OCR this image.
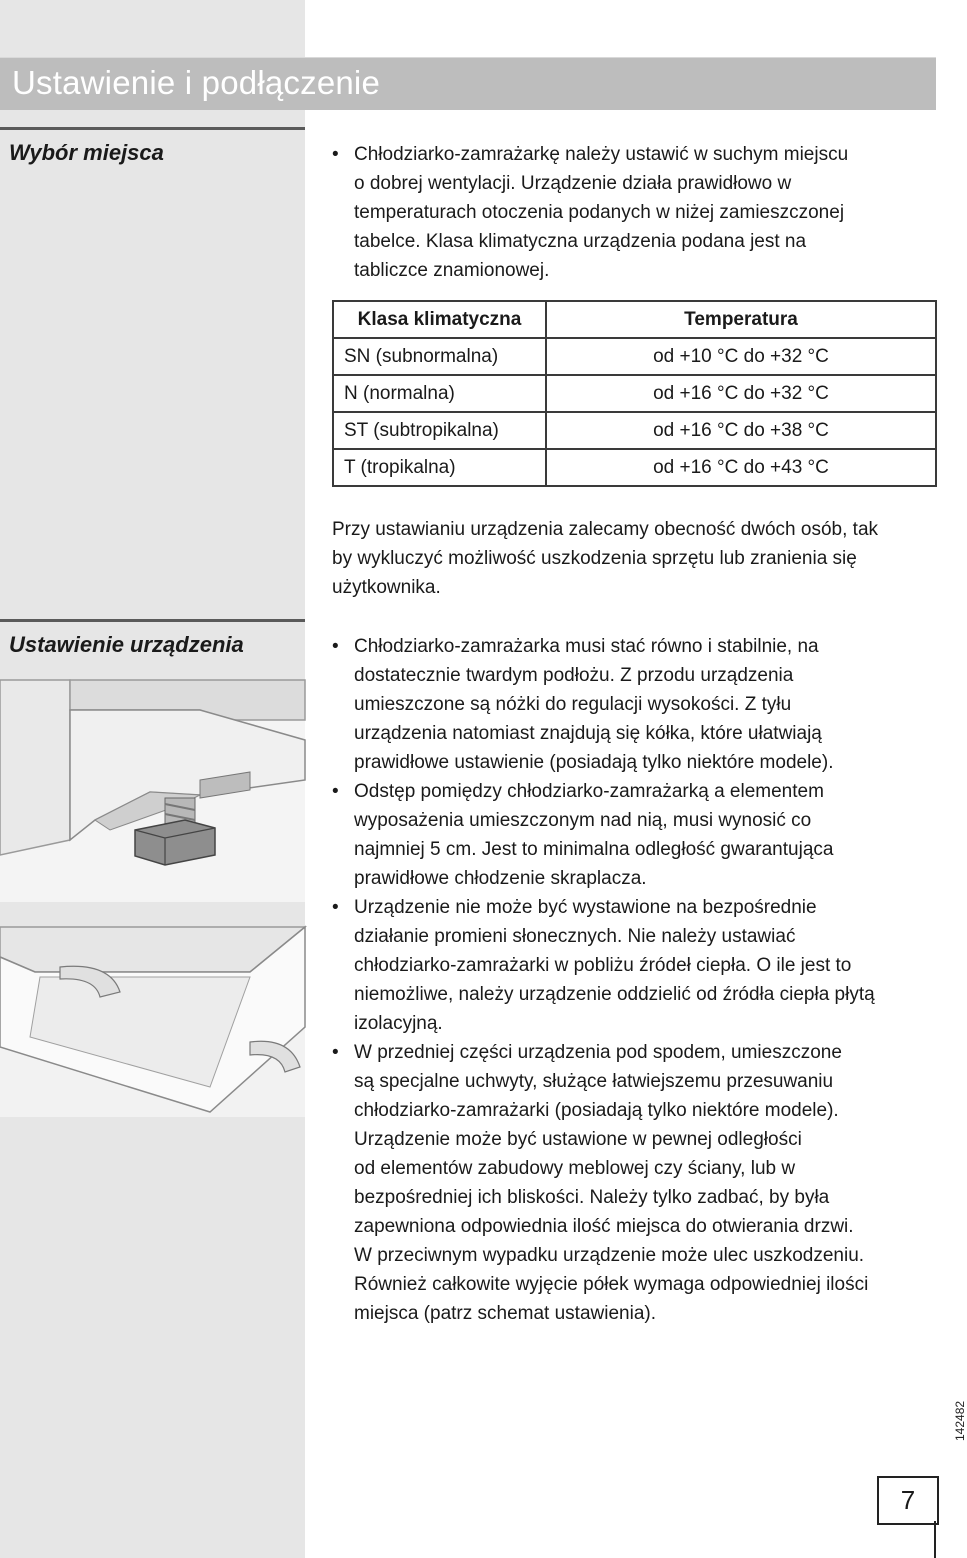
Ustawienie i podłączenie
Wybór miejsca	• Chłodziarko-zamrażarkę należy ustawić w suchym miejscu
o dobrej wentylacji. Urządzenie działa prawidłowo w
temperaturach otoczenia podanych w niżej zamieszczonej
tabelce. Klasa klimatyczna urządzenia podana jest na
tabliczce znamionowej.
Klasa klimatyczna	Temperatura
SN (subnormalna)	od +10 °C do +32 °C
N (normalna)	od +16 °C do +32 °C
ST (subtropikalna)	od +16 °C do +38 °C
T (tropikalna)	od +16 °C do +43 °C
Przy ustawianiu urządzenia zalecamy obecność dwóch osób, tak
by wykluczyć możliwość uszkodzenia sprzętu lub zranienia się
użytkownika.
Ustawienie urządzenia	• Chłodziarko-zamrażarka musi stać równo i stabilnie, na
dostatecznie twardym podłożu. Z przodu urządzenia
umieszczone są nóżki do regulacji wysokości. Z tyłu
urządzenia natomiast znajdują się kółka, które ułatwiają
prawidłowe ustawienie (posiadają tylko niektóre modele).
• Odstęp pomiędzy chłodziarko-zamrażarką a elementem
wyposażenia umieszczonym nad nią, musi wynosić co
najmniej 5 cm. Jest to minimalna odległość gwarantująca
prawidłowe chłodzenie skraplacza.
• Urządzenie nie może być wystawione na bezpośrednie
działanie promieni słonecznych. Nie należy ustawiać
chłodziarko-zamrażarki w pobliżu źródeł ciepła. O ile jest to
niemożliwe, należy urządzenie oddzielić od źródła ciepła płytą
izolacyjną.
• W przedniej części urządzenia pod spodem, umieszczone
są specjalne uchwyty, służące łatwiejszemu przesuwaniu
chłodziarko-zamrażarki (posiadają tylko niektóre modele).
Urządzenie może być ustawione w pewnej odległości
od elementów zabudowy meblowej czy ściany, lub w
bezpośredniej ich bliskości. Należy tylko zadbać, by była
zapewniona odpowiednia ilość miejsca do otwierania drzwi.
W przeciwnym wypadku urządzenie może ulec uszkodzeniu.
Również całkowite wyjęcie półek wymaga odpowiedniej ilości
miejsca (patrz schemat ustawienia).
142482
7
